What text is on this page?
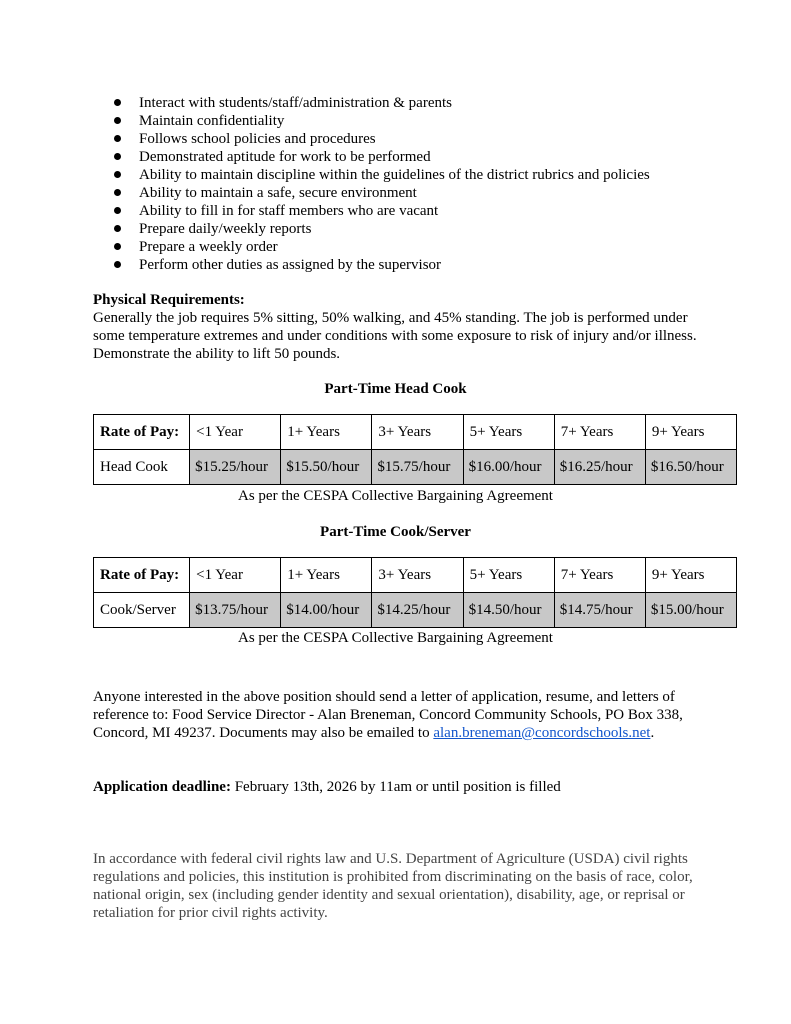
Interact with students/staff/administration & parents
Maintain confidentiality
Follows school policies and procedures
Demonstrated aptitude for work to be performed
Ability to maintain discipline within the guidelines of the district rubrics and policies
Ability to maintain a safe, secure environment
Ability to fill in for staff members who are vacant
Prepare daily/weekly reports
Prepare a weekly order
Perform other duties as assigned by the supervisor
Physical Requirements:
Generally the job requires 5% sitting, 50% walking, and 45% standing. The job is performed under some temperature extremes and under conditions with some exposure to risk of injury and/or illness. Demonstrate the ability to lift 50 pounds.
Part-Time Head Cook
Rate of Pay:	<1 Year	1+ Years	3+ Years	5+ Years	7+ Years	9+ Years
Head Cook	$15.25/hour	$15.50/hour	$15.75/hour	$16.00/hour	$16.25/hour	$16.50/hour
As per the CESPA Collective Bargaining Agreement
Part-Time Cook/Server
Rate of Pay:	<1 Year	1+ Years	3+ Years	5+ Years	7+ Years	9+ Years
Cook/Server	$13.75/hour	$14.00/hour	$14.25/hour	$14.50/hour	$14.75/hour	$15.00/hour
As per the CESPA Collective Bargaining Agreement
Anyone interested in the above position should send a letter of application, resume, and letters of reference to: Food Service Director - Alan Breneman, Concord Community Schools, PO Box 338, Concord, MI 49237. Documents may also be emailed to alan.breneman@concordschools.net.
Application deadline: February 13th, 2026 by 11am or until position is filled
In accordance with federal civil rights law and U.S. Department of Agriculture (USDA) civil rights regulations and policies, this institution is prohibited from discriminating on the basis of race, color, national origin, sex (including gender identity and sexual orientation), disability, age, or reprisal or retaliation for prior civil rights activity.
